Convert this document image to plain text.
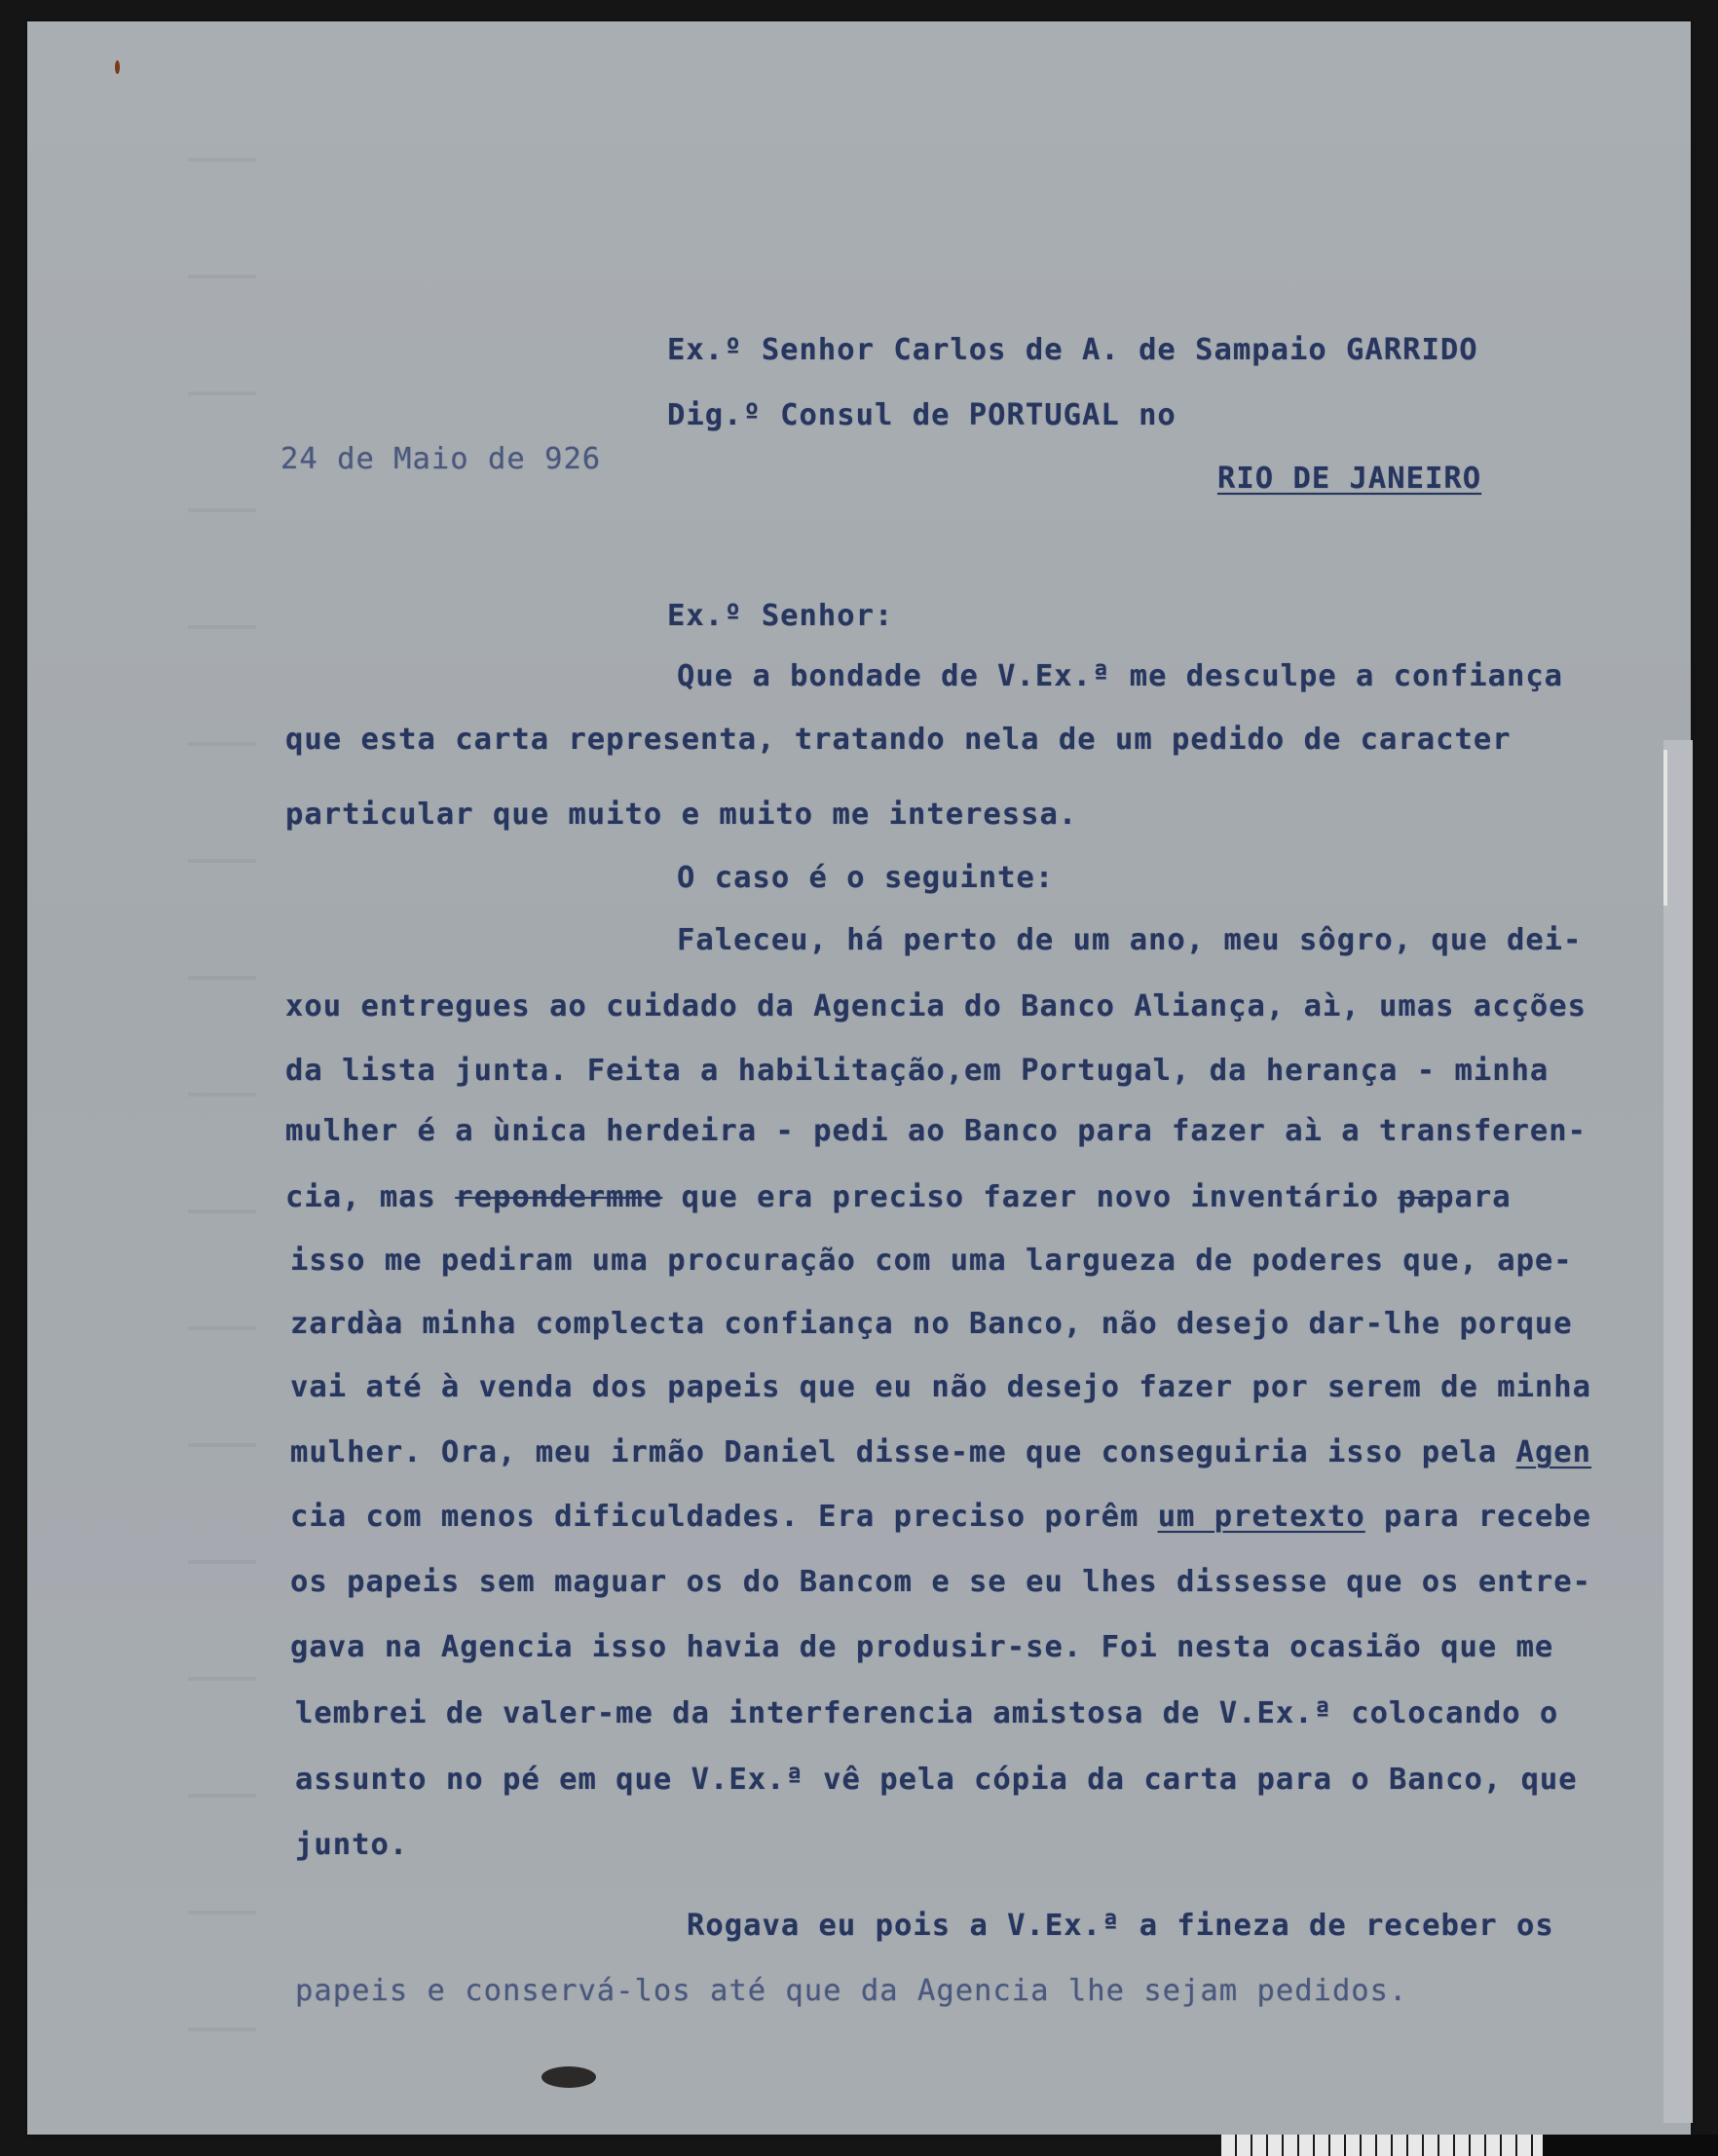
Ex.º Senhor Carlos de A. de Sampaio GARRIDO

Dig.º Consul de PORTUGAL no

24 de Maio de 926

RIO DE JANEIRO

Ex.º Senhor:

Que a bondade de V.Ex.ª me desculpe a confiança

que esta carta representa, tratando nela de um pedido de caracter

particular que muito e muito me interessa.

O caso é o seguinte:

Faleceu, há perto de um ano, meu sôgro, que dei-

xou entregues ao cuidado da Agencia do Banco Aliança, aì, umas acções

da lista junta. Feita a habilitação,em Portugal, da herança - minha

mulher é a ùnica herdeira - pedi ao Banco para fazer aì a transferen-

cia, mas repondermme que era preciso fazer novo inventário papara

isso me pediram uma procuração com uma largueza de poderes que, ape-

zardàa minha complecta confiança no Banco, não desejo dar-lhe porque

vai até à venda dos papeis que eu não desejo fazer por serem de minha

mulher. Ora, meu irmão Daniel disse-me que conseguiria isso pela Agen

cia com menos dificuldades. Era preciso porêm um pretexto para recebe

os papeis sem maguar os do Bancom e se eu lhes dissesse que os entre-

gava na Agencia isso havia de produsir-se. Foi nesta ocasião que me

lembrei de valer-me da interferencia amistosa de V.Ex.ª colocando o

assunto no pé em que V.Ex.ª vê pela cópia da carta para o Banco, que

junto.

Rogava eu pois a V.Ex.ª a fineza de receber os

papeis e conservá-los até que da Agencia lhe sejam pedidos.
